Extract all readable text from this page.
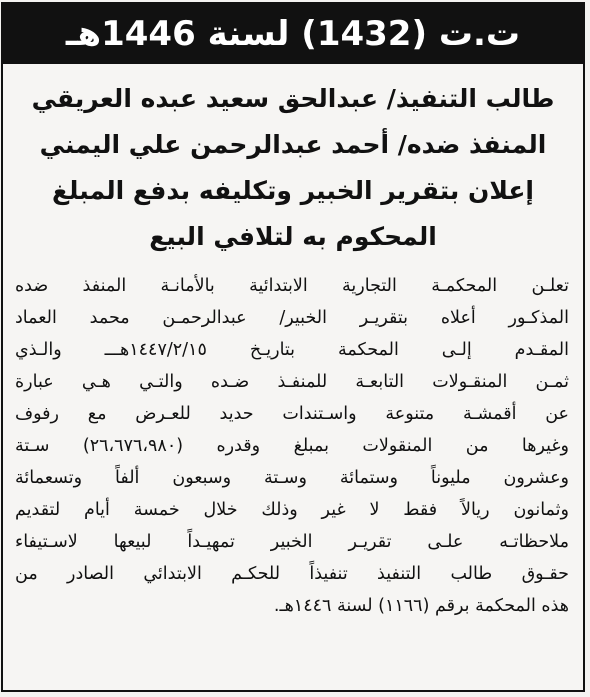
ت.ت (1432) لسنة 1446هـ
طالب التنفيذ/ عبدالحق سعيد عبده العريقي
المنفذ ضده/ أحمد عبدالرحمن علي اليمني
إعلان بتقرير الخبير وتكليفه بدفع المبلغ
المحكوم به لتلافي البيع
تعلـن المحكمـة التجارية الابتدائية بالأمانـة المنفذ ضده
المذكـور أعلاه بتقريـر الخبير/ عبدالرحمـن محمد العماد
المقـدم إلـى المحكمة بتاريـخ ١٤٤٧/٢/١٥هـــ والـذي
ثمـن المنقـولات التابعـة للمنفـذ ضـده والتـي هـي عبارة
عن أقمشـة متنوعة واسـتندات حديد للعـرض مع رفوف
وغيرها من المنقولات بمبلغ وقدره (٢٦،٦٧٦،٩٨٠) سـتة
وعشرون مليوناً وستمائة وسـتة وسبعون ألفاً وتسعمائة
وثمانون ريالاً فقط لا غير وذلك خلال خمسة أيام لتقديم
ملاحظاتـه علـى تقريـر الخبير تمهيـداً لبيعها لاسـتيفاء
حقـوق طالب التنفيذ تنفيذاً للحكـم الابتدائي الصادر من
هذه المحكمة برقم (١١٦٦) لسنة ١٤٤٦هـ.
